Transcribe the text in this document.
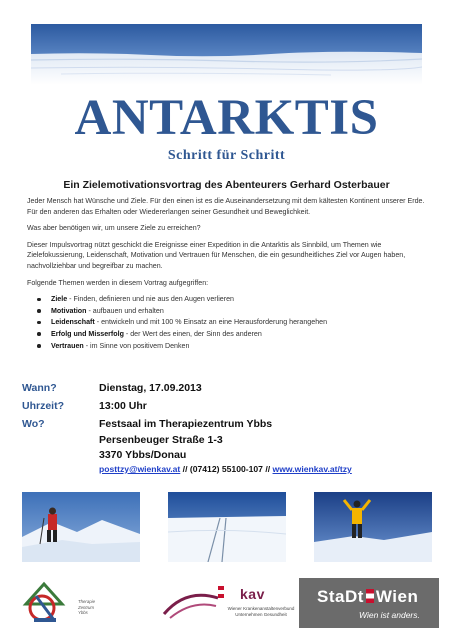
ANTARKTIS
Schritt für Schritt
Ein Zielemotivationsvortrag des Abenteurers Gerhard Osterbauer

Jeder Mensch hat Wünsche und Ziele. Für den einen ist es die Auseinandersetzung mit dem kältesten Kontinent unserer Erde. Für den anderen das Erhalten oder Wiedererlangen seiner Gesundheit und Beweglichkeit.

Was aber benötigen wir, um unsere Ziele zu erreichen?

Dieser Impulsvortrag nützt geschickt die Ereignisse einer Expedition in die Antarktis als Sinnbild, um Themen wie Zielefokussierung, Leidenschaft, Motivation und Vertrauen für Menschen, die ein gesundheitliches Ziel vor Augen haben, nachvollziehbar und begreifbar zu machen.

Folgende Themen werden in diesem Vortrag aufgegriffen:

Ziele - Finden, definieren und nie aus den Augen verlieren
Motivation - aufbauen und erhalten
Leidenschaft - entwickeln und mit 100 % Einsatz an eine Herausforderung herangehen
Erfolg und Misserfolg - der Wert des einen, der Sinn des anderen
Vertrauen - im Sinne von positivem Denken
Wann?	Dienstag, 17.09.2013
Uhrzeit?	13:00 Uhr
Wo?	Festsaal im Therapiezentrum Ybbs
Persenbeuger Straße 1-3
3370 Ybbs/Donau
posttzy@wienkav.at // (07412) 55100-107 // www.wienkav.at/tzy
Therapie
Zentrum
Ybbs
kav
Wiener Krankenanstaltenverbund Unternehmen Gesundheit
StaDt Wien
Wien ist anders.
